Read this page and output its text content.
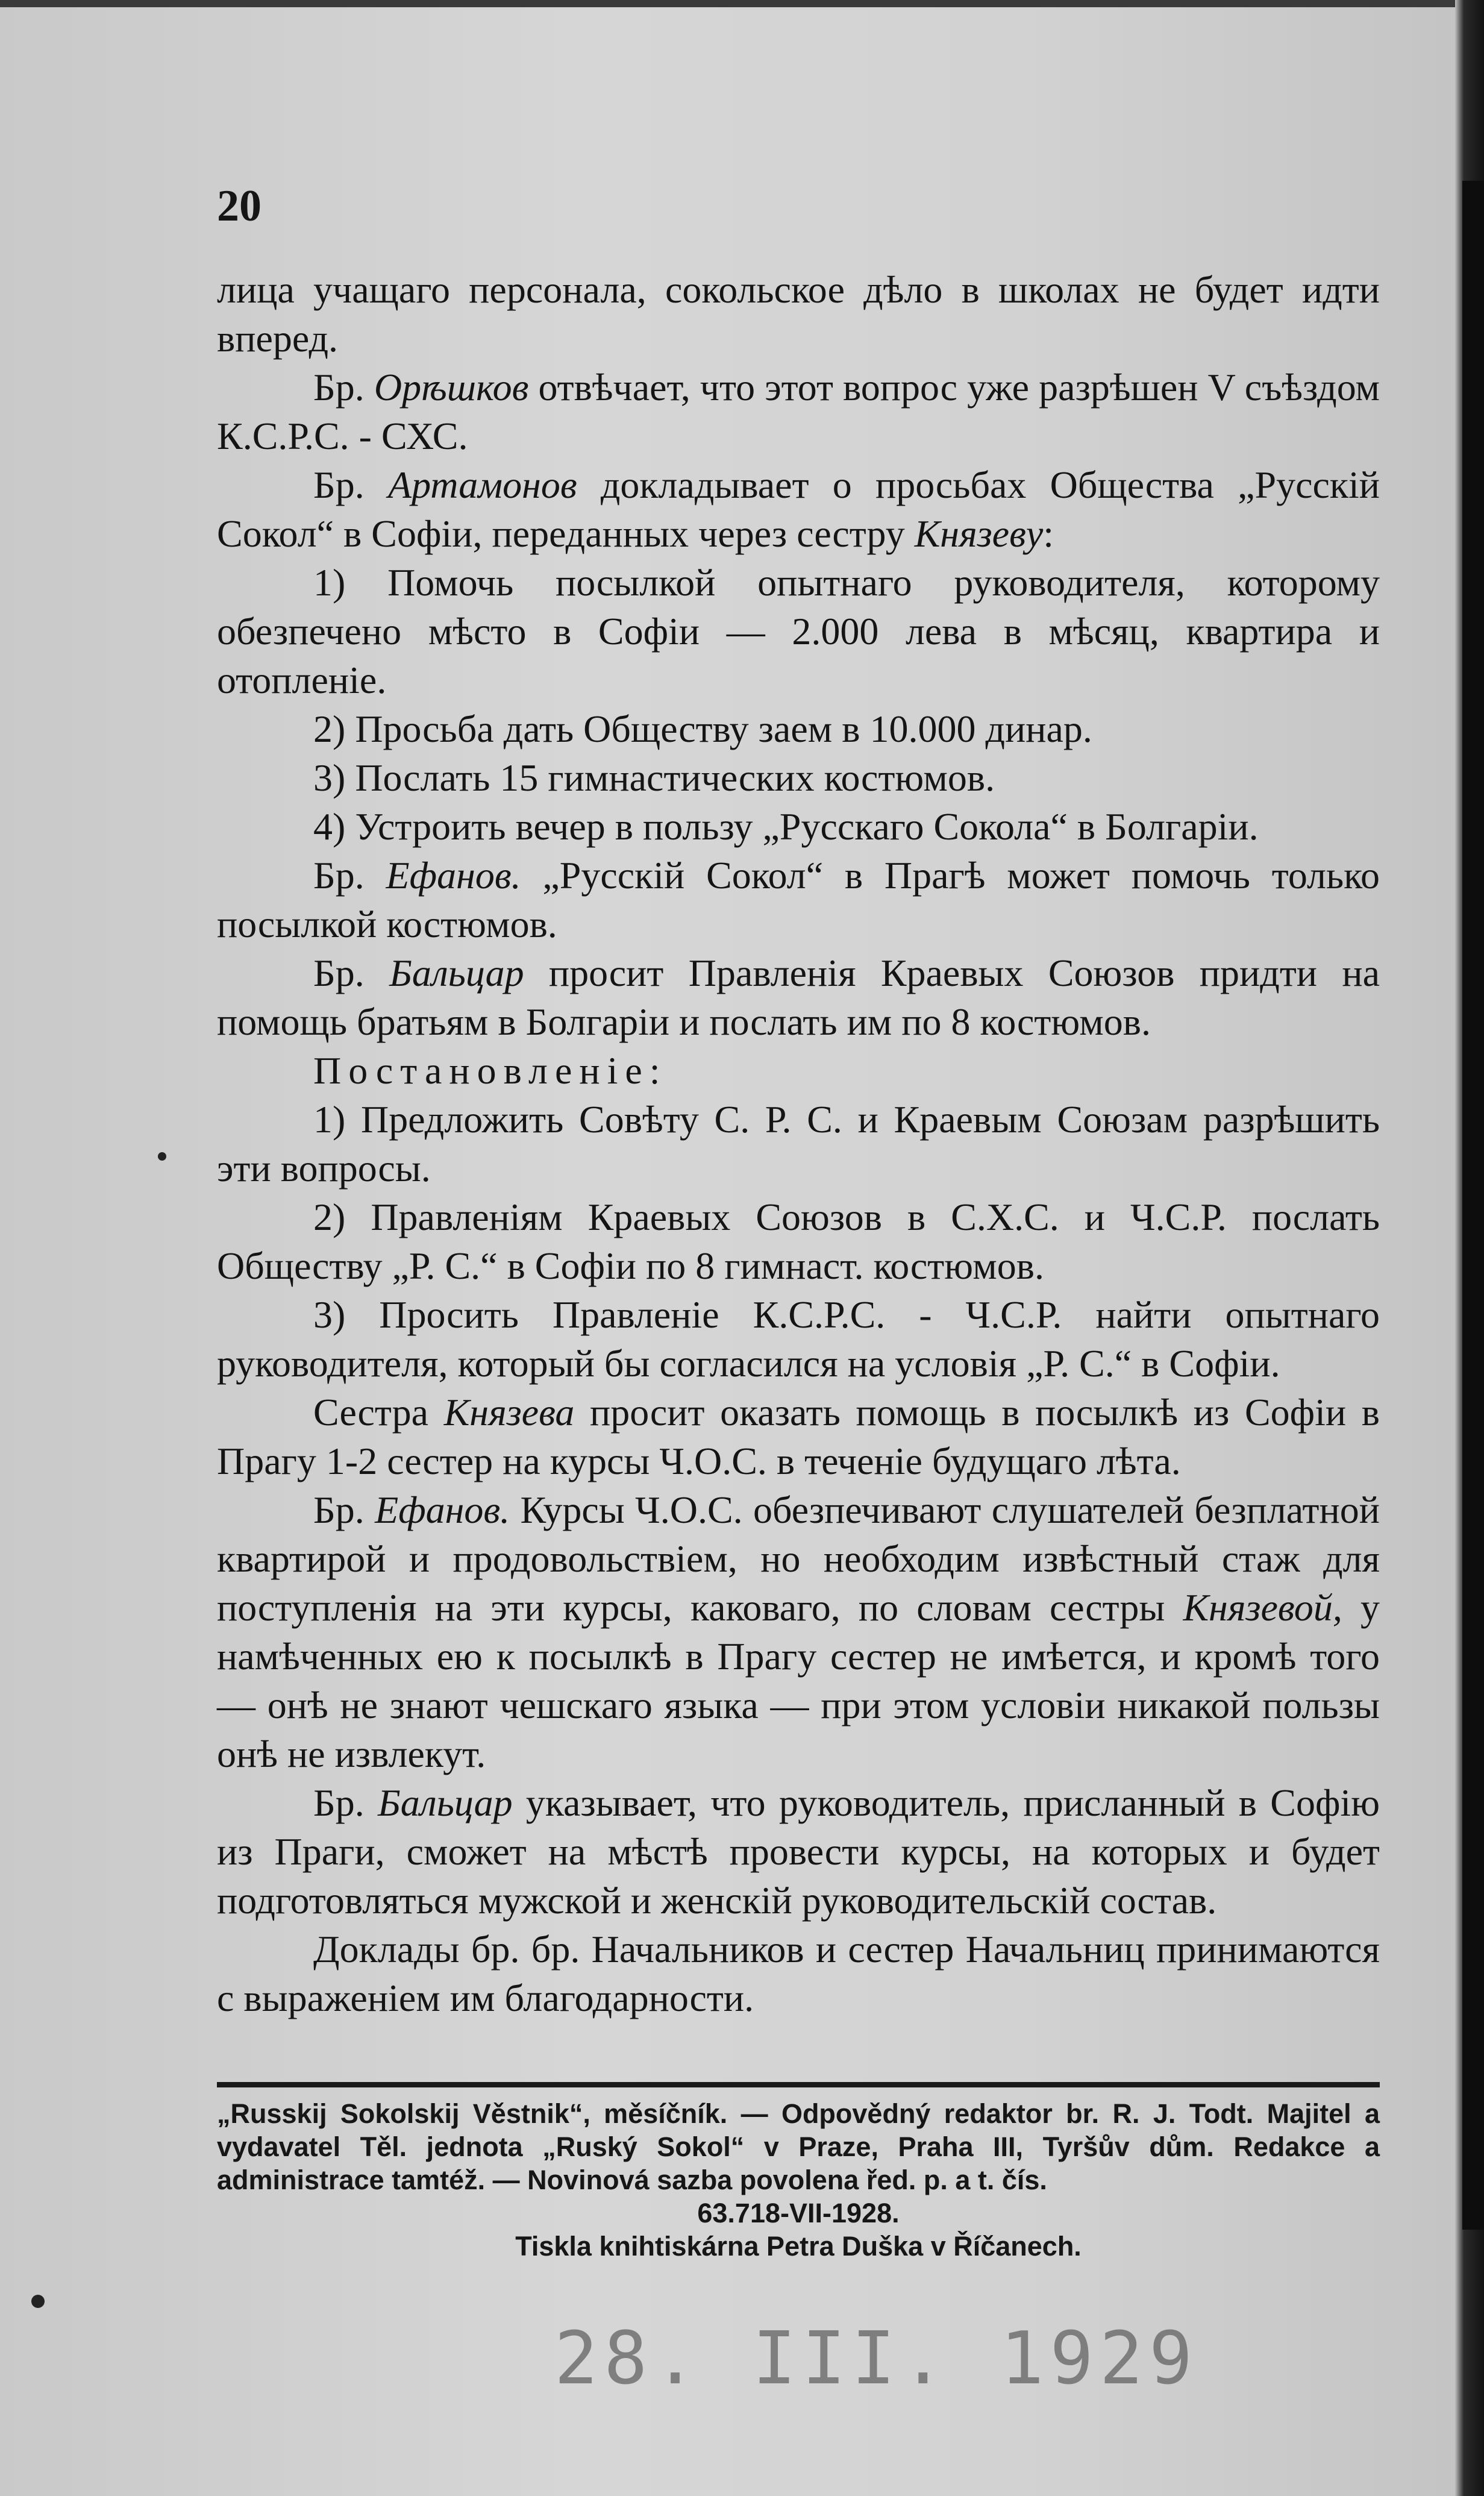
20

лица учащаго персонала, сокольское дѣло в школах не будет идти вперед.

Бр. Орѣшков отвѣчает, что этот вопрос уже разрѣшен V съѣздом К.С.Р.С. - СХС.

Бр. Артамонов докладывает о просьбах Общества „Русскій Сокол“ в Софіи, переданных через сестру Князеву:

1) Помочь посылкой опытнаго руководителя, которому обезпечено мѣсто в Софіи — 2.000 лева в мѣсяц, квартира и отопленіе.

2) Просьба дать Обществу заем в 10.000 динар.

3) Послать 15 гимнастических костюмов.

4) Устроить вечер в пользу „Русскаго Сокола“ в Болгаріи.

Бр. Ефанов. „Русскій Сокол“ в Прагѣ может помочь только посылкой костюмов.

Бр. Бальцар просит Правленія Краевых Союзов придти на помощь братьям в Болгаріи и послать им по 8 костюмов.

Постановленіе:

1) Предложить Совѣту С. Р. С. и Краевым Союзам разрѣшить эти вопросы.

2) Правленіям Краевых Союзов в С.Х.С. и Ч.С.Р. послать Обществу „Р. С.“ в Софіи по 8 гимнаст. костюмов.

3) Просить Правленіе К.С.Р.С. - Ч.С.Р. найти опытнаго руководителя, который бы согласился на условія „Р. С.“ в Софіи.

Сестра Князева просит оказать помощь в посылкѣ из Софіи в Прагу 1-2 сестер на курсы Ч.О.С. в теченіе будущаго лѣта.

Бр. Ефанов. Курсы Ч.О.С. обезпечивают слушателей безплатной квартирой и продовольствіем, но необходим извѣстный стаж для поступленія на эти курсы, каковаго, по словам сестры Князевой, у намѣченных ею к посылкѣ в Прагу сестер не имѣется, и кромѣ того — онѣ не знают чешскаго языка — при этом условіи никакой пользы онѣ не извлекут.

Бр. Бальцар указывает, что руководитель, присланный в Софію из Праги, сможет на мѣстѣ провести курсы, на которых и будет подготовляться мужской и женскій руководительскій состав.

Доклады бр. бр. Начальников и сестер Начальниц принимаются с выраженіем им благодарности.

„Russkij Sokolskij Věstnik“, měsíčník. — Odpovědný redaktor br. R. J. Todt. Majitel a vydavatel Těl. jednota „Ruský Sokol“ v Praze, Praha III, Tyršův dům. Redakce a administrace tamtéž. — Novinová sazba povolena řed. p. a t. čís.

63.718-VII-1928.

Tiskla knihtiskárna Petra Duška v Říčanech.

28. III. 1929
